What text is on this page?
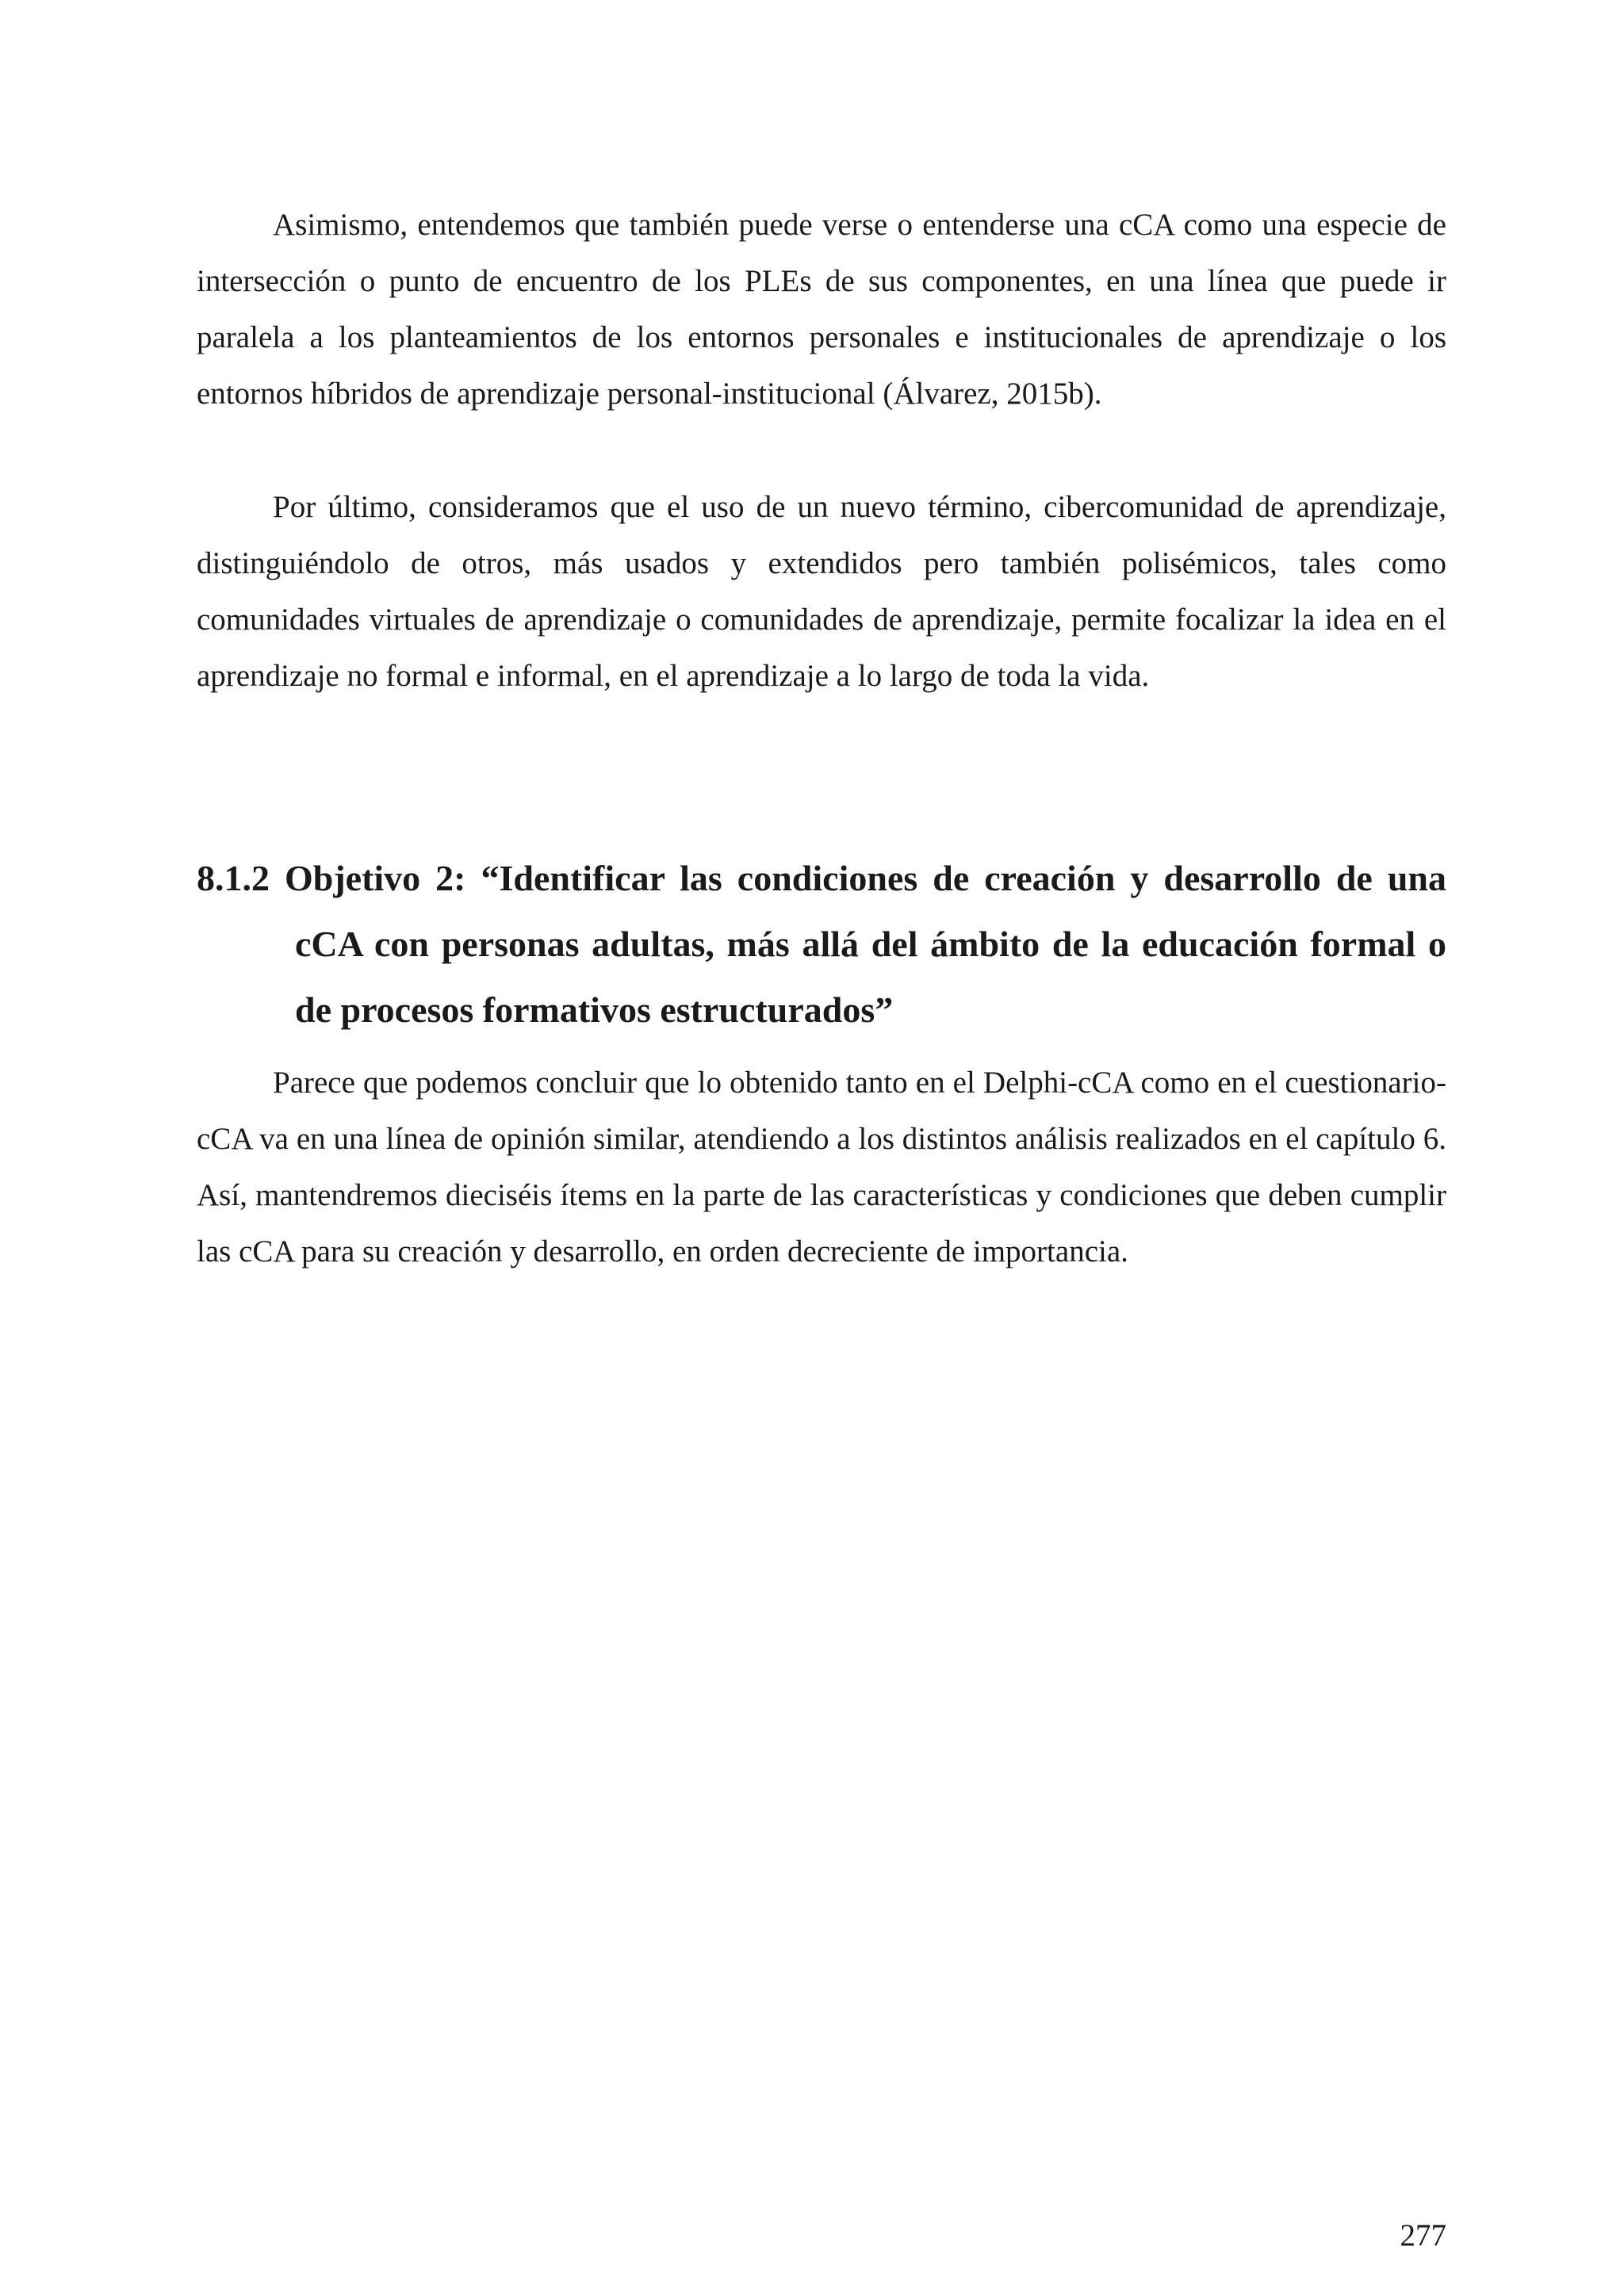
Asimismo, entendemos que también puede verse o entenderse una cCA como una especie de intersección o punto de encuentro de los PLEs de sus componentes, en una línea que puede ir paralela a los planteamientos de los entornos personales e institucionales de aprendizaje o los entornos híbridos de aprendizaje personal-institucional (Álvarez, 2015b).

Por último, consideramos que el uso de un nuevo término, cibercomunidad de aprendizaje, distinguiéndolo de otros, más usados y extendidos pero también polisémicos, tales como comunidades virtuales de aprendizaje o comunidades de aprendizaje, permite focalizar la idea en el aprendizaje no formal e informal, en el aprendizaje a lo largo de toda la vida.

8.1.2 Objetivo 2: “Identificar las condiciones de creación y desarrollo de una cCA con personas adultas, más allá del ámbito de la educación formal o de procesos formativos estructurados”

Parece que podemos concluir que lo obtenido tanto en el Delphi-cCA como en el cuestionario-cCA va en una línea de opinión similar, atendiendo a los distintos análisis realizados en el capítulo 6. Así, mantendremos dieciséis ítems en la parte de las características y condiciones que deben cumplir las cCA para su creación y desarrollo, en orden decreciente de importancia.

277
